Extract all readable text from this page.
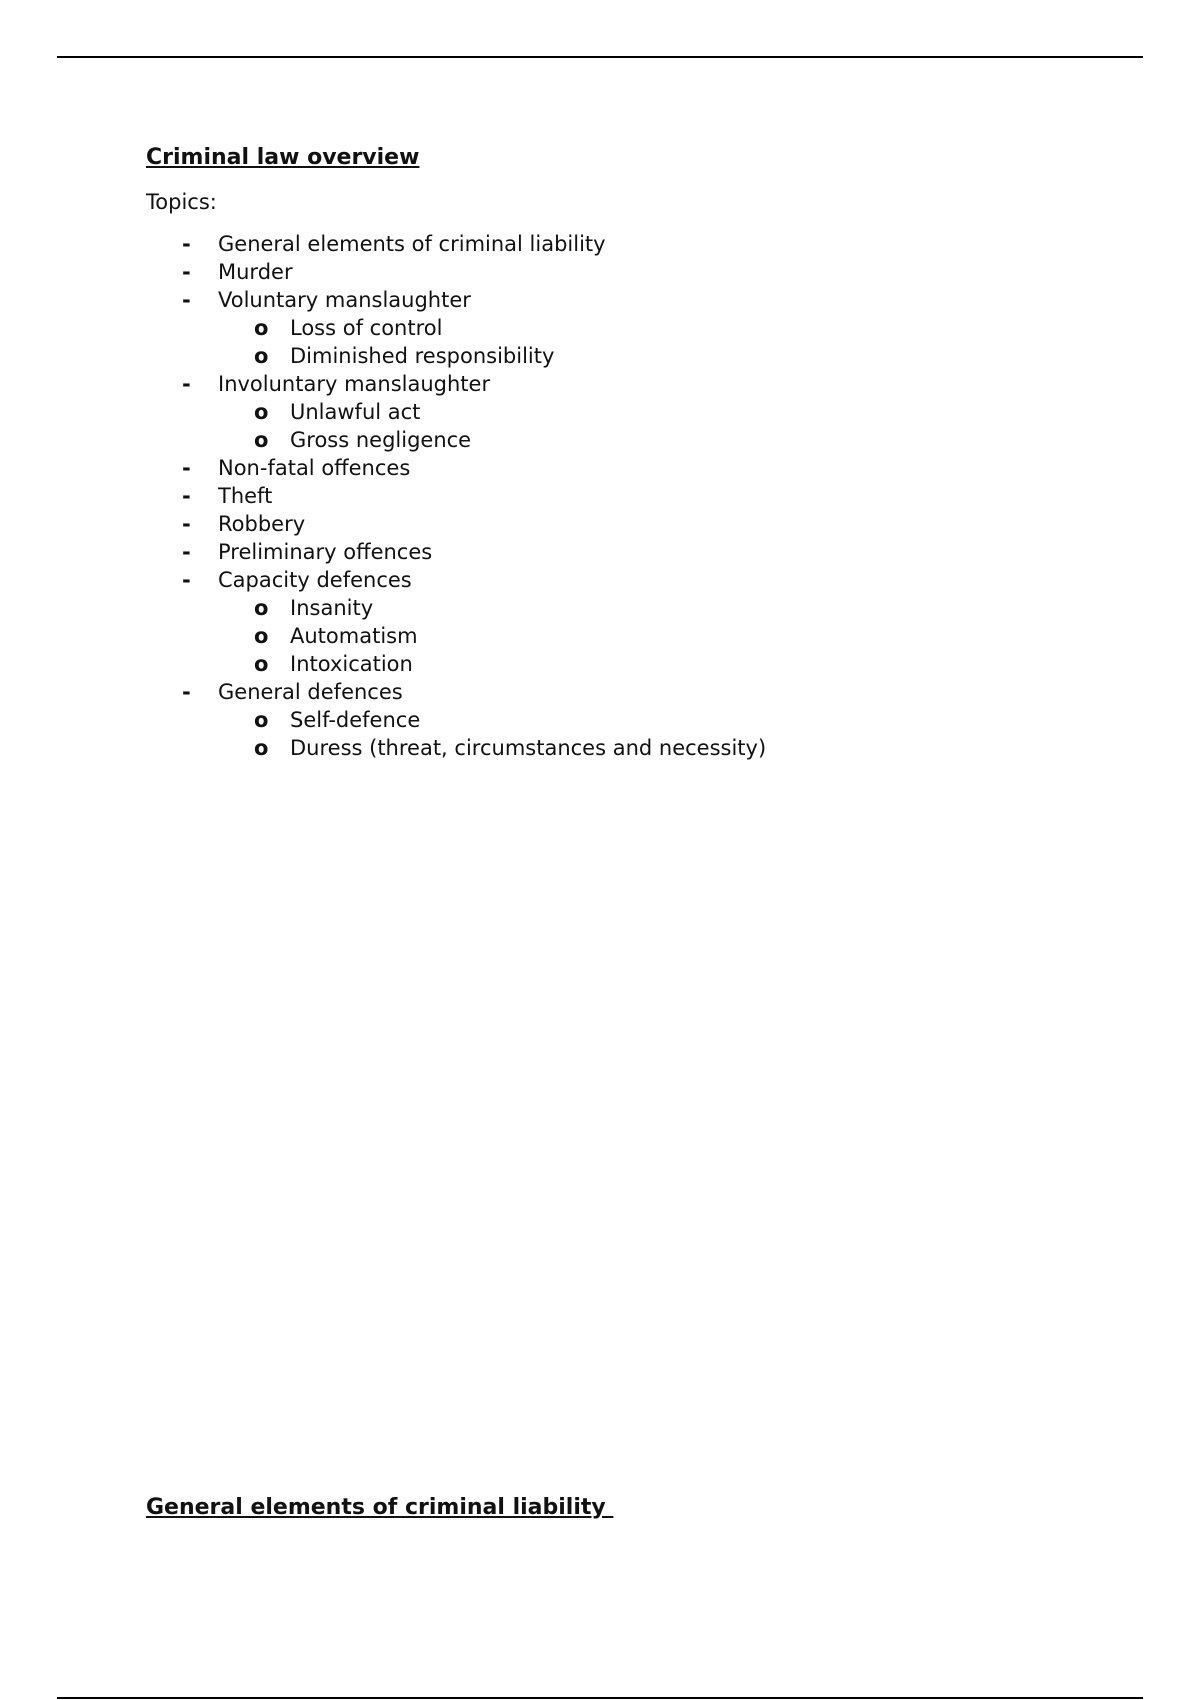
Criminal law overview
Topics:
- General elements of criminal liability
- Murder
- Voluntary manslaughter
o Loss of control
o Diminished responsibility
- Involuntary manslaughter
o Unlawful act
o Gross negligence
- Non-fatal offences
- Theft
- Robbery
- Preliminary offences
- Capacity defences
o Insanity
o Automatism
o Intoxication
- General defences
o Self-defence
o Duress (threat, circumstances and necessity)
General elements of criminal liability
